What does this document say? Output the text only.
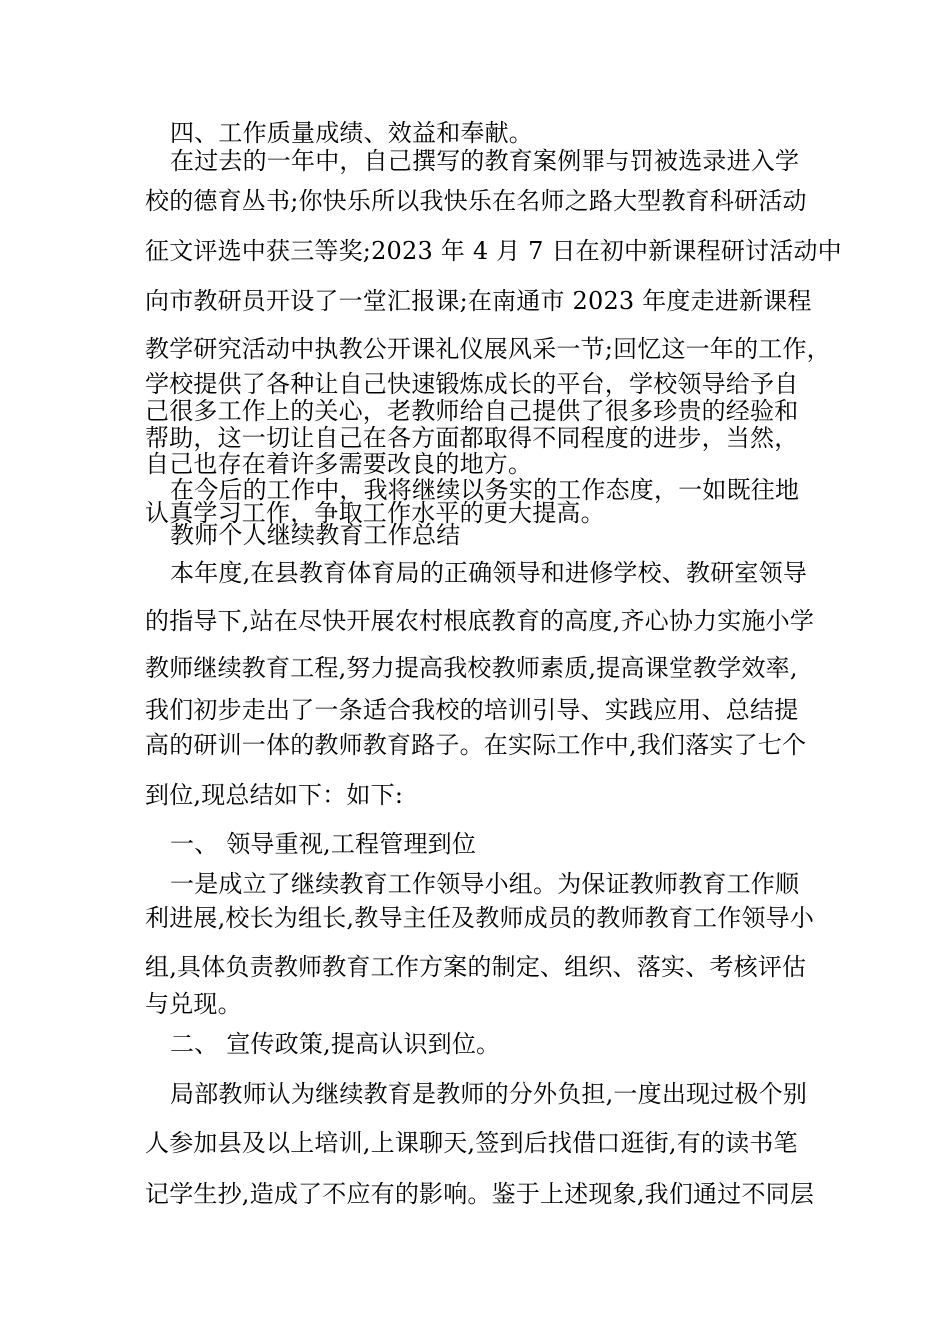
四、工作质量成绩、效益和奉献。
在过去的一年中，自己撰写的教育案例罪与罚被选录进入学
校的德育丛书;你快乐所以我快乐在名师之路大型教育科研活动
征文评选中获三等奖;2023 年 4 月 7 日在初中新课程研讨活动中
向市教研员开设了一堂汇报课;在南通市 2023 年度走进新课程
教学研究活动中执教公开课礼仪展风采一节;回忆这一年的工作，
学校提供了各种让自己快速锻炼成长的平台，学校领导给予自
己很多工作上的关心，老教师给自己提供了很多珍贵的经验和
帮助，这一切让自己在各方面都取得不同程度的进步，当然，
自己也存在着许多需要改良的地方。
在今后的工作中，我将继续以务实的工作态度，一如既往地
认真学习工作，争取工作水平的更大提高。
教师个人继续教育工作总结
本年度,在县教育体育局的正确领导和进修学校、教研室领导
的指导下,站在尽快开展农村根底教育的高度,齐心协力实施小学
教师继续教育工程,努力提高我校教师素质,提高课堂教学效率,
我们初步走出了一条适合我校的培训引导、实践应用、总结提
高的研训一体的教师教育路子。在实际工作中,我们落实了七个
到位,现总结如下：如下:
一、 领导重视,工程管理到位
一是成立了继续教育工作领导小组。为保证教师教育工作顺
利进展,校长为组长,教导主任及教师成员的教师教育工作领导小
组,具体负责教师教育工作方案的制定、组织、落实、考核评估
与兑现。
二、 宣传政策,提高认识到位。
局部教师认为继续教育是教师的分外负担,一度出现过极个别
人参加县及以上培训,上课聊天,签到后找借口逛街,有的读书笔
记学生抄,造成了不应有的影响。鉴于上述现象,我们通过不同层
